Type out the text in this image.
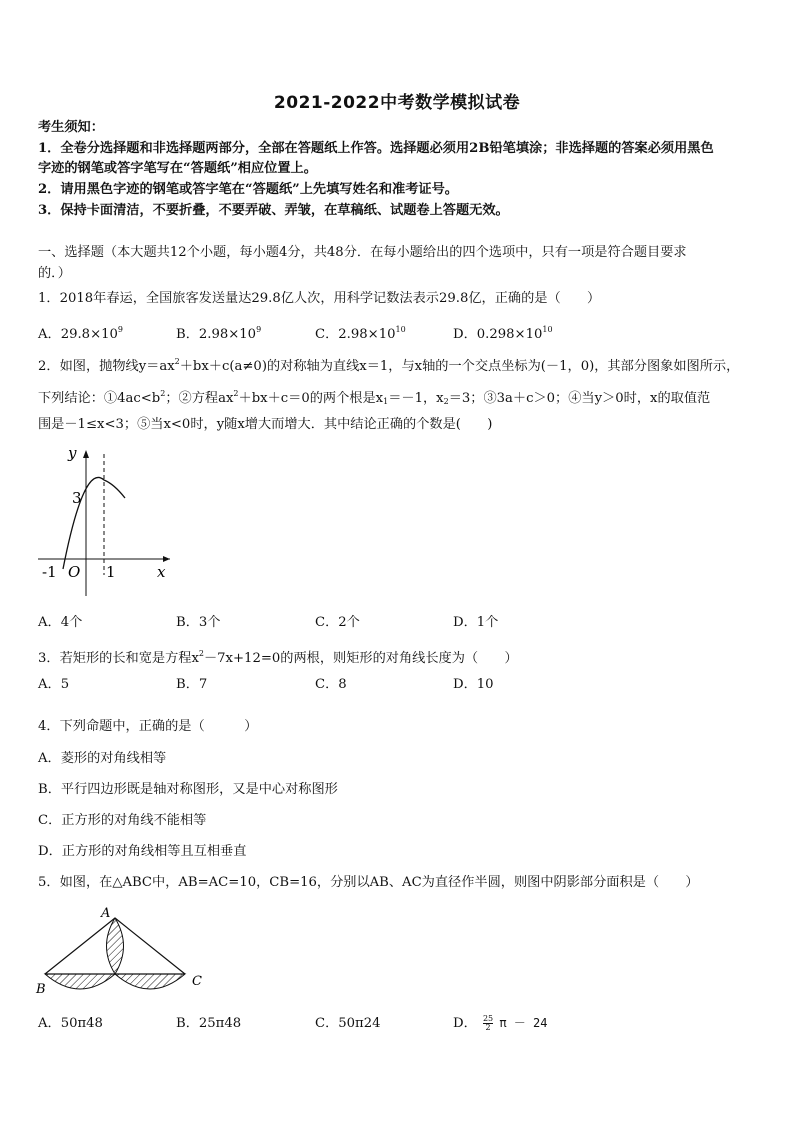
2021-2022中考数学模拟试卷
考生须知：
1．全卷分选择题和非选择题两部分，全部在答题纸上作答。选择题必须用2B铅笔填涂；非选择题的答案必须用黑色
字迹的钢笔或答字笔写在“答题纸”相应位置上。
2．请用黑色字迹的钢笔或答字笔在“答题纸”上先填写姓名和准考证号。
3．保持卡面清洁，不要折叠，不要弄破、弄皱，在草稿纸、试题卷上答题无效。
一、选择题（本大题共12个小题，每小题4分，共48分．在每小题给出的四个选项中，只有一项是符合题目要求
的．）
1．2018年春运，全国旅客发送量达29.8亿人次，用科学记数法表示29.8亿，正确的是（　　）
A．$29.8\times 10^9$	B．$2.98\times 10^9$	C．$2.98\times 10^{10}$	D．$0.298\times 10^{10}$
2．如图，抛物线$y=ax^2+bx+c(a\ne 0)$的对称轴为直线x＝1，与x轴的一个交点坐标为(－1，0)，其部分图象如图所示，
下列结论：$①4ac<b^2$；②方程$ax^2+bx+c=0$的两个根是$x_1=-1$，$x_2=3$；③3a＋c＞0；④当y＞0时，x的取值范
围是－1≤x<3；⑤当x<0时，y随x增大而增大．其中结论正确的个数是(　　)
y
x
3
-1 O 1
A．4个	B．3个	C．2个	D．1个
3．若矩形的长和宽是方程$x^2-7x+12=0$的两根，则矩形的对角线长度为（　　）
A．5	B．7	C．8	D．10
4．下列命题中，正确的是（　　　）
A．菱形的对角线相等
B．平行四边形既是轴对称图形，又是中心对称图形
C．正方形的对角线不能相等
D．正方形的对角线相等且互相垂直
5．如图，在△ABC中，AB=AC=10，CB=16，分别以AB、AC为直径作半圆，则图中阴影部分面积是（　　）
A
B
C
A．50π48	B．25π48	C．50π24	D． $\frac{25}{2}$ π － 24
